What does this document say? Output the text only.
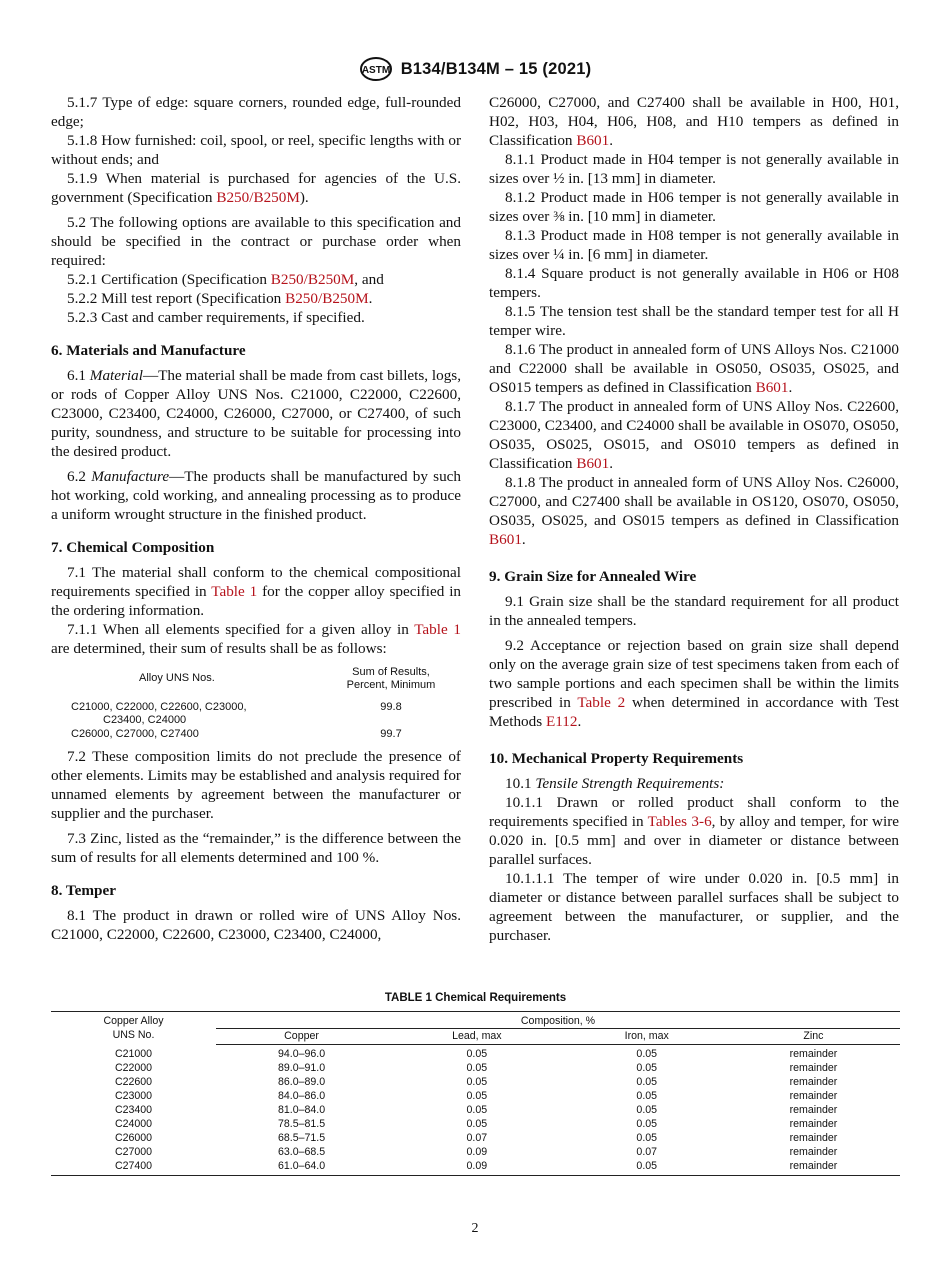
ASTM B134/B134M – 15 (2021)

5.1.7 Type of edge: square corners, rounded edge, full-rounded edge;

5.1.8 How furnished: coil, spool, or reel, specific lengths with or without ends; and

5.1.9 When material is purchased for agencies of the U.S. government (Specification B250/B250M).

5.2 The following options are available to this specification and should be specified in the contract or purchase order when required:

5.2.1 Certification (Specification B250/B250M, and

5.2.2 Mill test report (Specification B250/B250M.

5.2.3 Cast and camber requirements, if specified.

6. Materials and Manufacture

6.1 Material—The material shall be made from cast billets, logs, or rods of Copper Alloy UNS Nos. C21000, C22000, C22600, C23000, C23400, C24000, C26000, C27000, or C27400, of such purity, soundness, and structure to be suitable for processing into the desired product.

6.2 Manufacture—The products shall be manufactured by such hot working, cold working, and annealing processing as to produce a uniform wrought structure in the finished product.

7. Chemical Composition

7.1 The material shall conform to the chemical compositional requirements specified in Table 1 for the copper alloy specified in the ordering information.

7.1.1 When all elements specified for a given alloy in Table 1 are determined, their sum of results shall be as follows:

Alloy UNS Nos.	Sum of Results,
Percent, Minimum
C21000, C22000, C22600, C23000,
C23400, C24000
99.8
C26000, C27000, C27400	99.7

7.2 These composition limits do not preclude the presence of other elements. Limits may be established and analysis required for unnamed elements by agreement between the manufacturer or supplier and the purchaser.

7.3 Zinc, listed as the “remainder,” is the difference between the sum of results for all elements determined and 100 %.

8. Temper

8.1 The product in drawn or rolled wire of UNS Alloy Nos. C21000, C22000, C22600, C23000, C23400, C24000,

C26000, C27000, and C27400 shall be available in H00, H01, H02, H03, H04, H06, H08, and H10 tempers as defined in Classification B601.

8.1.1 Product made in H04 temper is not generally available in sizes over ½ in. [13 mm] in diameter.

8.1.2 Product made in H06 temper is not generally available in sizes over ⅜ in. [10 mm] in diameter.

8.1.3 Product made in H08 temper is not generally available in sizes over ¼ in. [6 mm] in diameter.

8.1.4 Square product is not generally available in H06 or H08 tempers.

8.1.5 The tension test shall be the standard temper test for all H temper wire.

8.1.6 The product in annealed form of UNS Alloys Nos. C21000 and C22000 shall be available in OS050, OS035, OS025, and OS015 tempers as defined in Classification B601.

8.1.7 The product in annealed form of UNS Alloy Nos. C22600, C23000, C23400, and C24000 shall be available in OS070, OS050, OS035, OS025, OS015, and OS010 tempers as defined in Classification B601.

8.1.8 The product in annealed form of UNS Alloy Nos. C26000, C27000, and C27400 shall be available in OS120, OS070, OS050, OS035, OS025, and OS015 tempers as defined in Classification B601.

9. Grain Size for Annealed Wire

9.1 Grain size shall be the standard requirement for all product in the annealed tempers.

9.2 Acceptance or rejection based on grain size shall depend only on the average grain size of test specimens taken from each of two sample portions and each specimen shall be within the limits prescribed in Table 2 when determined in accordance with Test Methods E112.

10. Mechanical Property Requirements

10.1 Tensile Strength Requirements:

10.1.1 Drawn or rolled product shall conform to the requirements specified in Tables 3-6, by alloy and temper, for wire 0.020 in. [0.5 mm] and over in diameter or distance between parallel surfaces.

10.1.1.1 The temper of wire under 0.020 in. [0.5 mm] in diameter or distance between parallel surfaces shall be subject to agreement between the manufacturer, or supplier, and the purchaser.

TABLE 1 Chemical Requirements
Copper Alloy
UNS No.	Composition, %			
	Copper	Lead, max	Iron, max	Zinc
C21000	94.0–96.0	0.05	0.05	remainder
C22000	89.0–91.0	0.05	0.05	remainder
C22600	86.0–89.0	0.05	0.05	remainder
C23000	84.0–86.0	0.05	0.05	remainder
C23400	81.0–84.0	0.05	0.05	remainder
C24000	78.5–81.5	0.05	0.05	remainder
C26000	68.5–71.5	0.07	0.05	remainder
C27000	63.0–68.5	0.09	0.07	remainder
C27400	61.0–64.0	0.09	0.05	remainder
2
